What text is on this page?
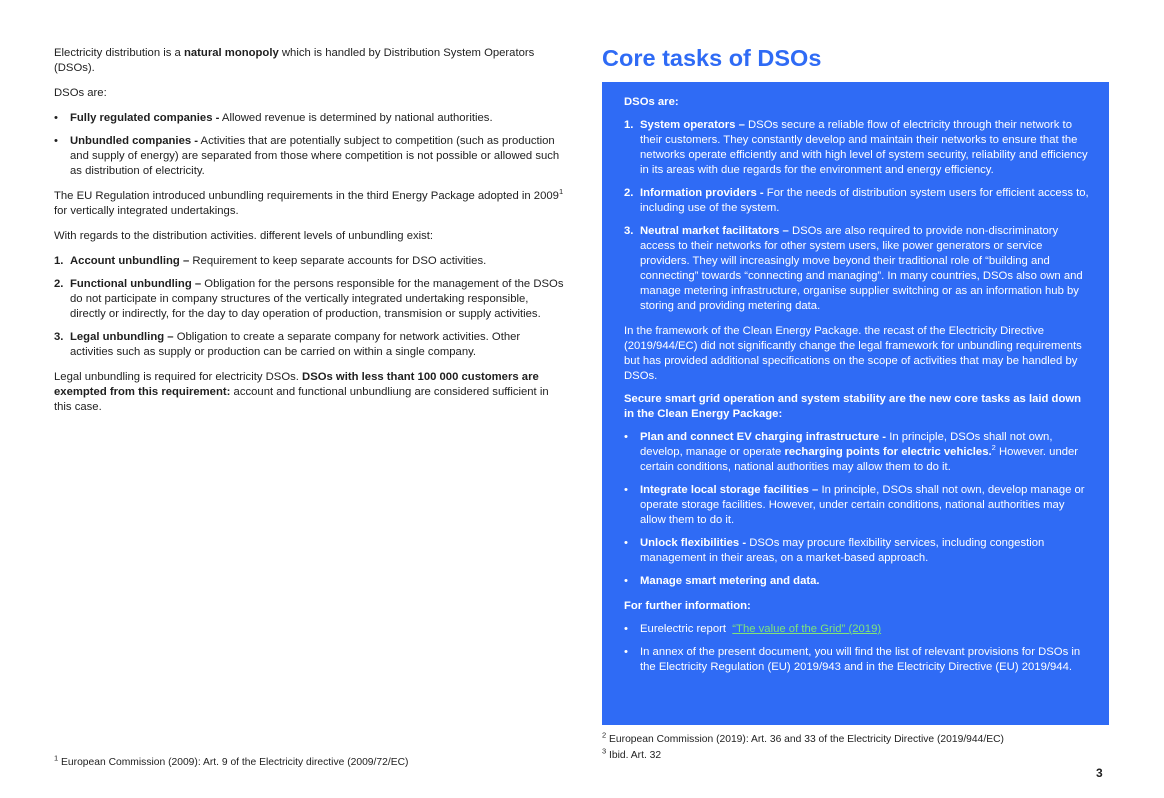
Electricity distribution is a natural monopoly which is handled by Distribution System Operators (DSOs).

DSOs are:

• Fully regulated companies - Allowed revenue is determined by national authorities.
• Unbundled companies - Activities that are potentially subject to competition (such as production and supply of energy) are separated from those where competition is not possible or allowed such as distribution of electricity.

The EU Regulation introduced unbundling requirements in the third Energy Package adopted in 2009$^1$ for vertically integrated undertakings.

With regards to the distribution activities. different levels of unbundling exist:

1. Account unbundling – Requirement to keep separate accounts for DSO activities.
2. Functional unbundling – Obligation for the persons responsible for the management of the DSOs do not participate in company structures of the vertically integrated undertaking responsible, directly or indirectly, for the day to day operation of production, transmision or supply activities.
3. Legal unbundling – Obligation to create a separate company for network activities. Other activities such as supply or production can be carried on within a single company.

Legal unbundling is required for electricity DSOs. DSOs with less thant 100 000 customers are exempted from this requirement: account and functional unbundliung are considered sufficient in this case.

$^1$ European Commission (2009): Art. 9 of the Electricity directive (2009/72/EC)
Core tasks of DSOs

DSOs are:

1. System operators – DSOs secure a reliable flow of electricity through their network to their customers. They constantly develop and maintain their networks to ensure that the networks operate efficiently and with high level of system security, reliability and efficiency in its areas with due regards for the environment and energy efficiency.
2. Information providers - For the needs of distribution system users for efficient access to, including use of the system.
3. Neutral market facilitators – DSOs are also required to provide non-discriminatory access to their networks for other system users, like power generators or service providers. They will increasingly move beyond their traditional role of “building and connecting” towards “connecting and managing”. In many countries, DSOs also own and manage metering infrastructure, organise supplier switching or as an information hub by storing and providing metering data.

In the framework of the Clean Energy Package. the recast of the Electricity Directive (2019/944/EC) did not significantly change the legal framework for unbundling requirements but has provided additional specifications on the scope of activities that may be handled by DSOs.

Secure smart grid operation and system stability are the new core tasks as laid down in the Clean Energy Package:

• Plan and connect EV charging infrastructure - In principle, DSOs shall not own, develop, manage or operate recharging points for electric vehicles.$^2$ However. under certain conditions, national authorities may allow them to do it.
• Integrate local storage facilities – In principle, DSOs shall not own, develop manage or operate storage facilities. However, under certain conditions, national authorities may allow them to do it.
• Unlock flexibilities - DSOs may procure flexibility services, including congestion management in their areas, on a market-based approach.
• Manage smart metering and data.

For further information:

• Eurelectric report  “The value of the Grid” (2019)
• In annex of the present document, you will find the list of relevant provisions for DSOs in the Electricity Regulation (EU) 2019/943 and in the Electricity Directive (EU) 2019/944.
$^2$ European Commission (2019): Art. 36 and 33 of the Electricity Directive (2019/944/EC)
$^3$ Ibid. Art. 32
3
